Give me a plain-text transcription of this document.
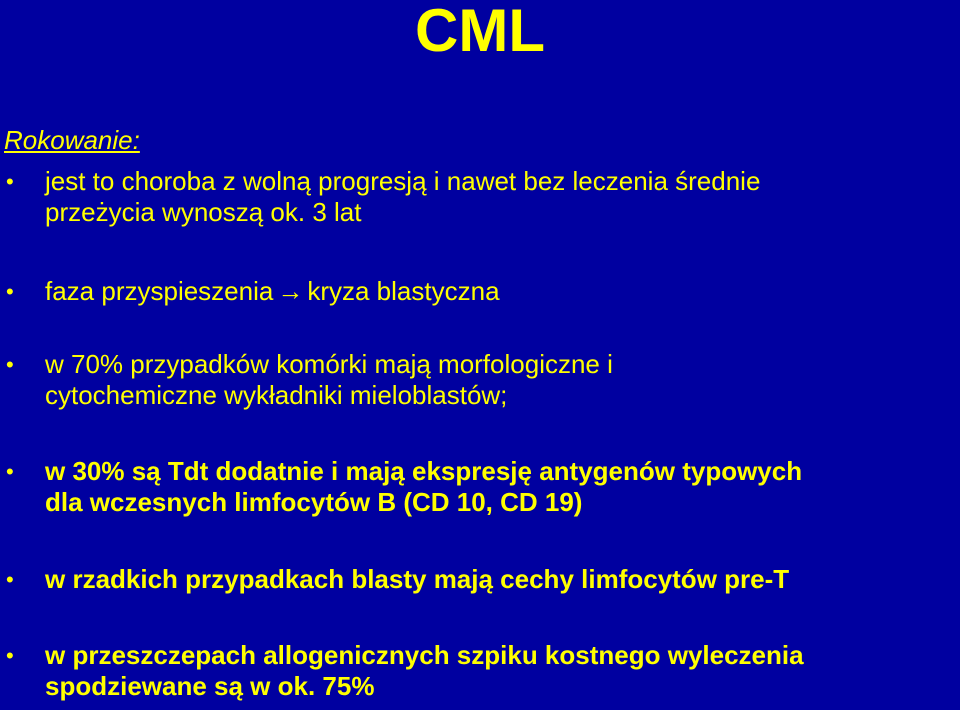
CML
Rokowanie:
• jest to choroba z wolną progresją i nawet bez leczenia średnie
przeżycia wynoszą ok. 3 lat
• faza przyspieszenia → kryza blastyczna
• w 70% przypadków komórki mają morfologiczne i
cytochemiczne wykładniki mieloblastów;
• w 30% są Tdt dodatnie i mają ekspresję antygenów typowych
dla wczesnych limfocytów B (CD 10, CD 19)
• w rzadkich przypadkach blasty mają cechy limfocytów pre-T
• w przeszczepach allogenicznych szpiku kostnego wyleczenia
spodziewane są w ok. 75%
